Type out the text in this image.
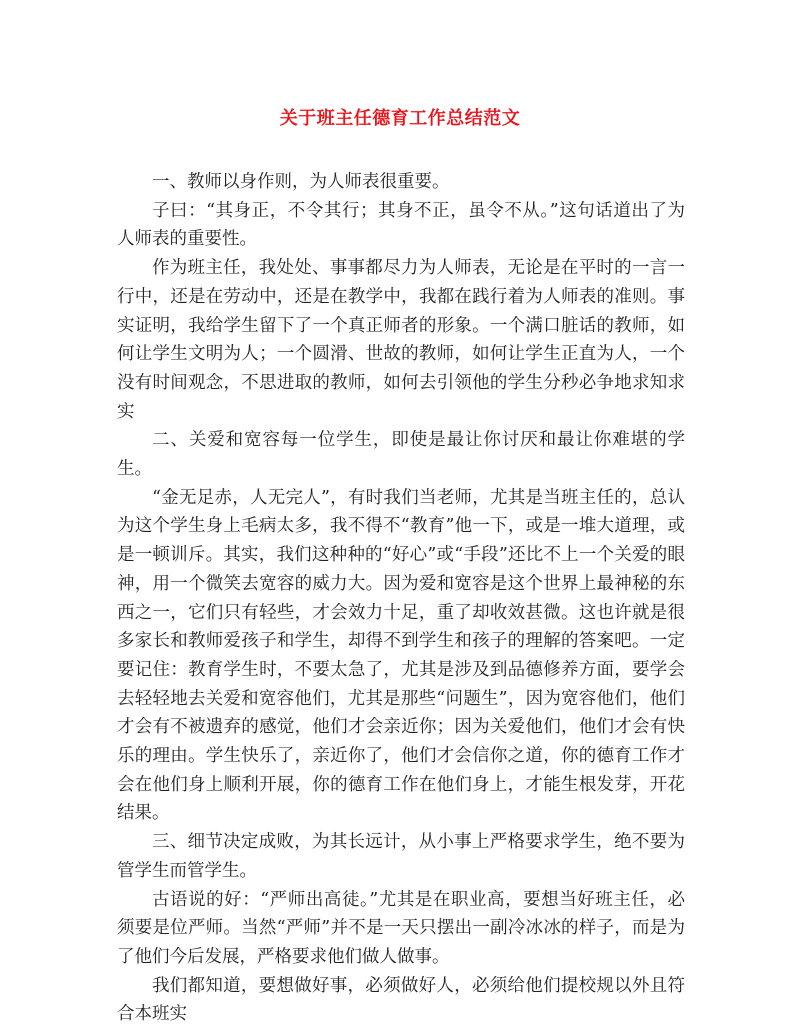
关于班主任德育工作总结范文

一、教师以身作则，为人师表很重要。

子曰：“其身正，不令其行；其身不正，虽令不从。”这句话道出了为人师表的重要性。

作为班主任，我处处、事事都尽力为人师表，无论是在平时的一言一行中，还是在劳动中，还是在教学中，我都在践行着为人师表的准则。事实证明，我给学生留下了一个真正师者的形象。一个满口脏话的教师，如何让学生文明为人；一个圆滑、世故的教师，如何让学生正直为人，一个没有时间观念，不思进取的教师，如何去引领他的学生分秒必争地求知求实

二、关爱和宽容每一位学生，即使是最让你讨厌和最让你难堪的学生。

“金无足赤，人无完人”，有时我们当老师，尤其是当班主任的，总认为这个学生身上毛病太多，我不得不“教育”他一下，或是一堆大道理，或是一顿训斥。其实，我们这种种的“好心”或“手段”还比不上一个关爱的眼神，用一个微笑去宽容的威力大。因为爱和宽容是这个世界上最神秘的东西之一，它们只有轻些，才会效力十足，重了却收效甚微。这也许就是很多家长和教师爱孩子和学生，却得不到学生和孩子的理解的答案吧。一定要记住：教育学生时，不要太急了，尤其是涉及到品德修养方面，要学会去轻轻地去关爱和宽容他们，尤其是那些“问题生”，因为宽容他们，他们才会有不被遗弃的感觉，他们才会亲近你；因为关爱他们，他们才会有快乐的理由。学生快乐了，亲近你了，他们才会信你之道，你的德育工作才会在他们身上顺利开展，你的德育工作在他们身上，才能生根发芽，开花结果。

三、细节决定成败，为其长远计，从小事上严格要求学生，绝不要为管学生而管学生。

古语说的好：“严师出高徒。”尤其是在职业高，要想当好班主任，必须要是位严师。当然“严师”并不是一天只摆出一副冷冰冰的样子，而是为了他们今后发展，严格要求他们做人做事。

我们都知道，要想做好事，必须做好人，必须给他们提校规以外且符合本班实
